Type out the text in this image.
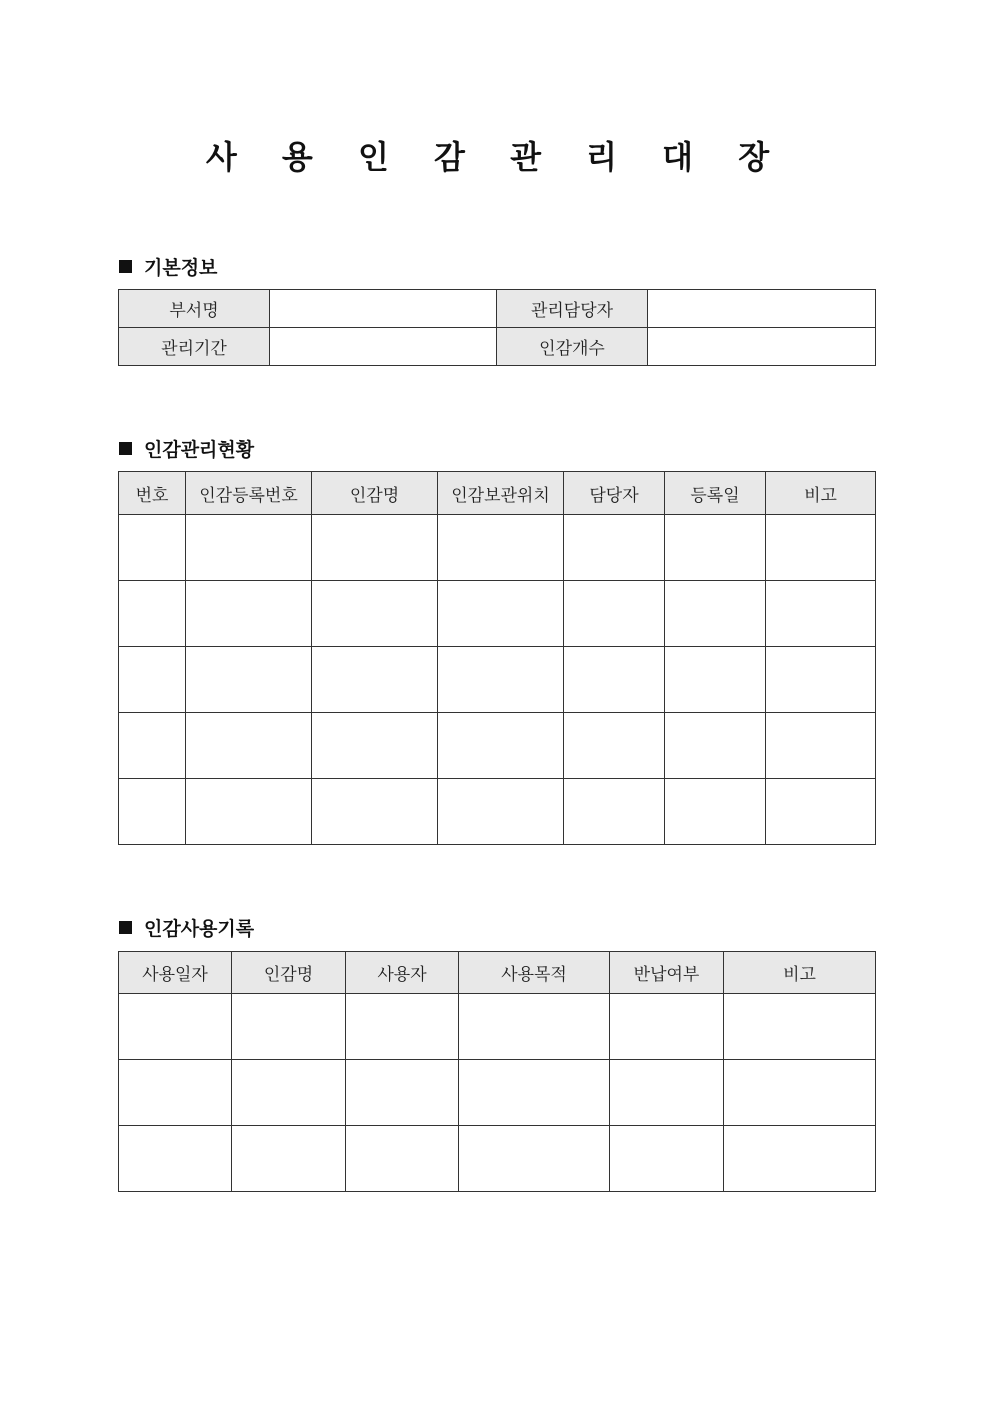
사 용 인 감 관 리 대 장
기본정보
부서명		관리담당자	
관리기간		인감개수	
인감관리현황
번호	인감등록번호	인감명	인감보관위치	담당자	등록일	비고

인감사용기록
사용일자	인감명	사용자	사용목적	반납여부	비고
